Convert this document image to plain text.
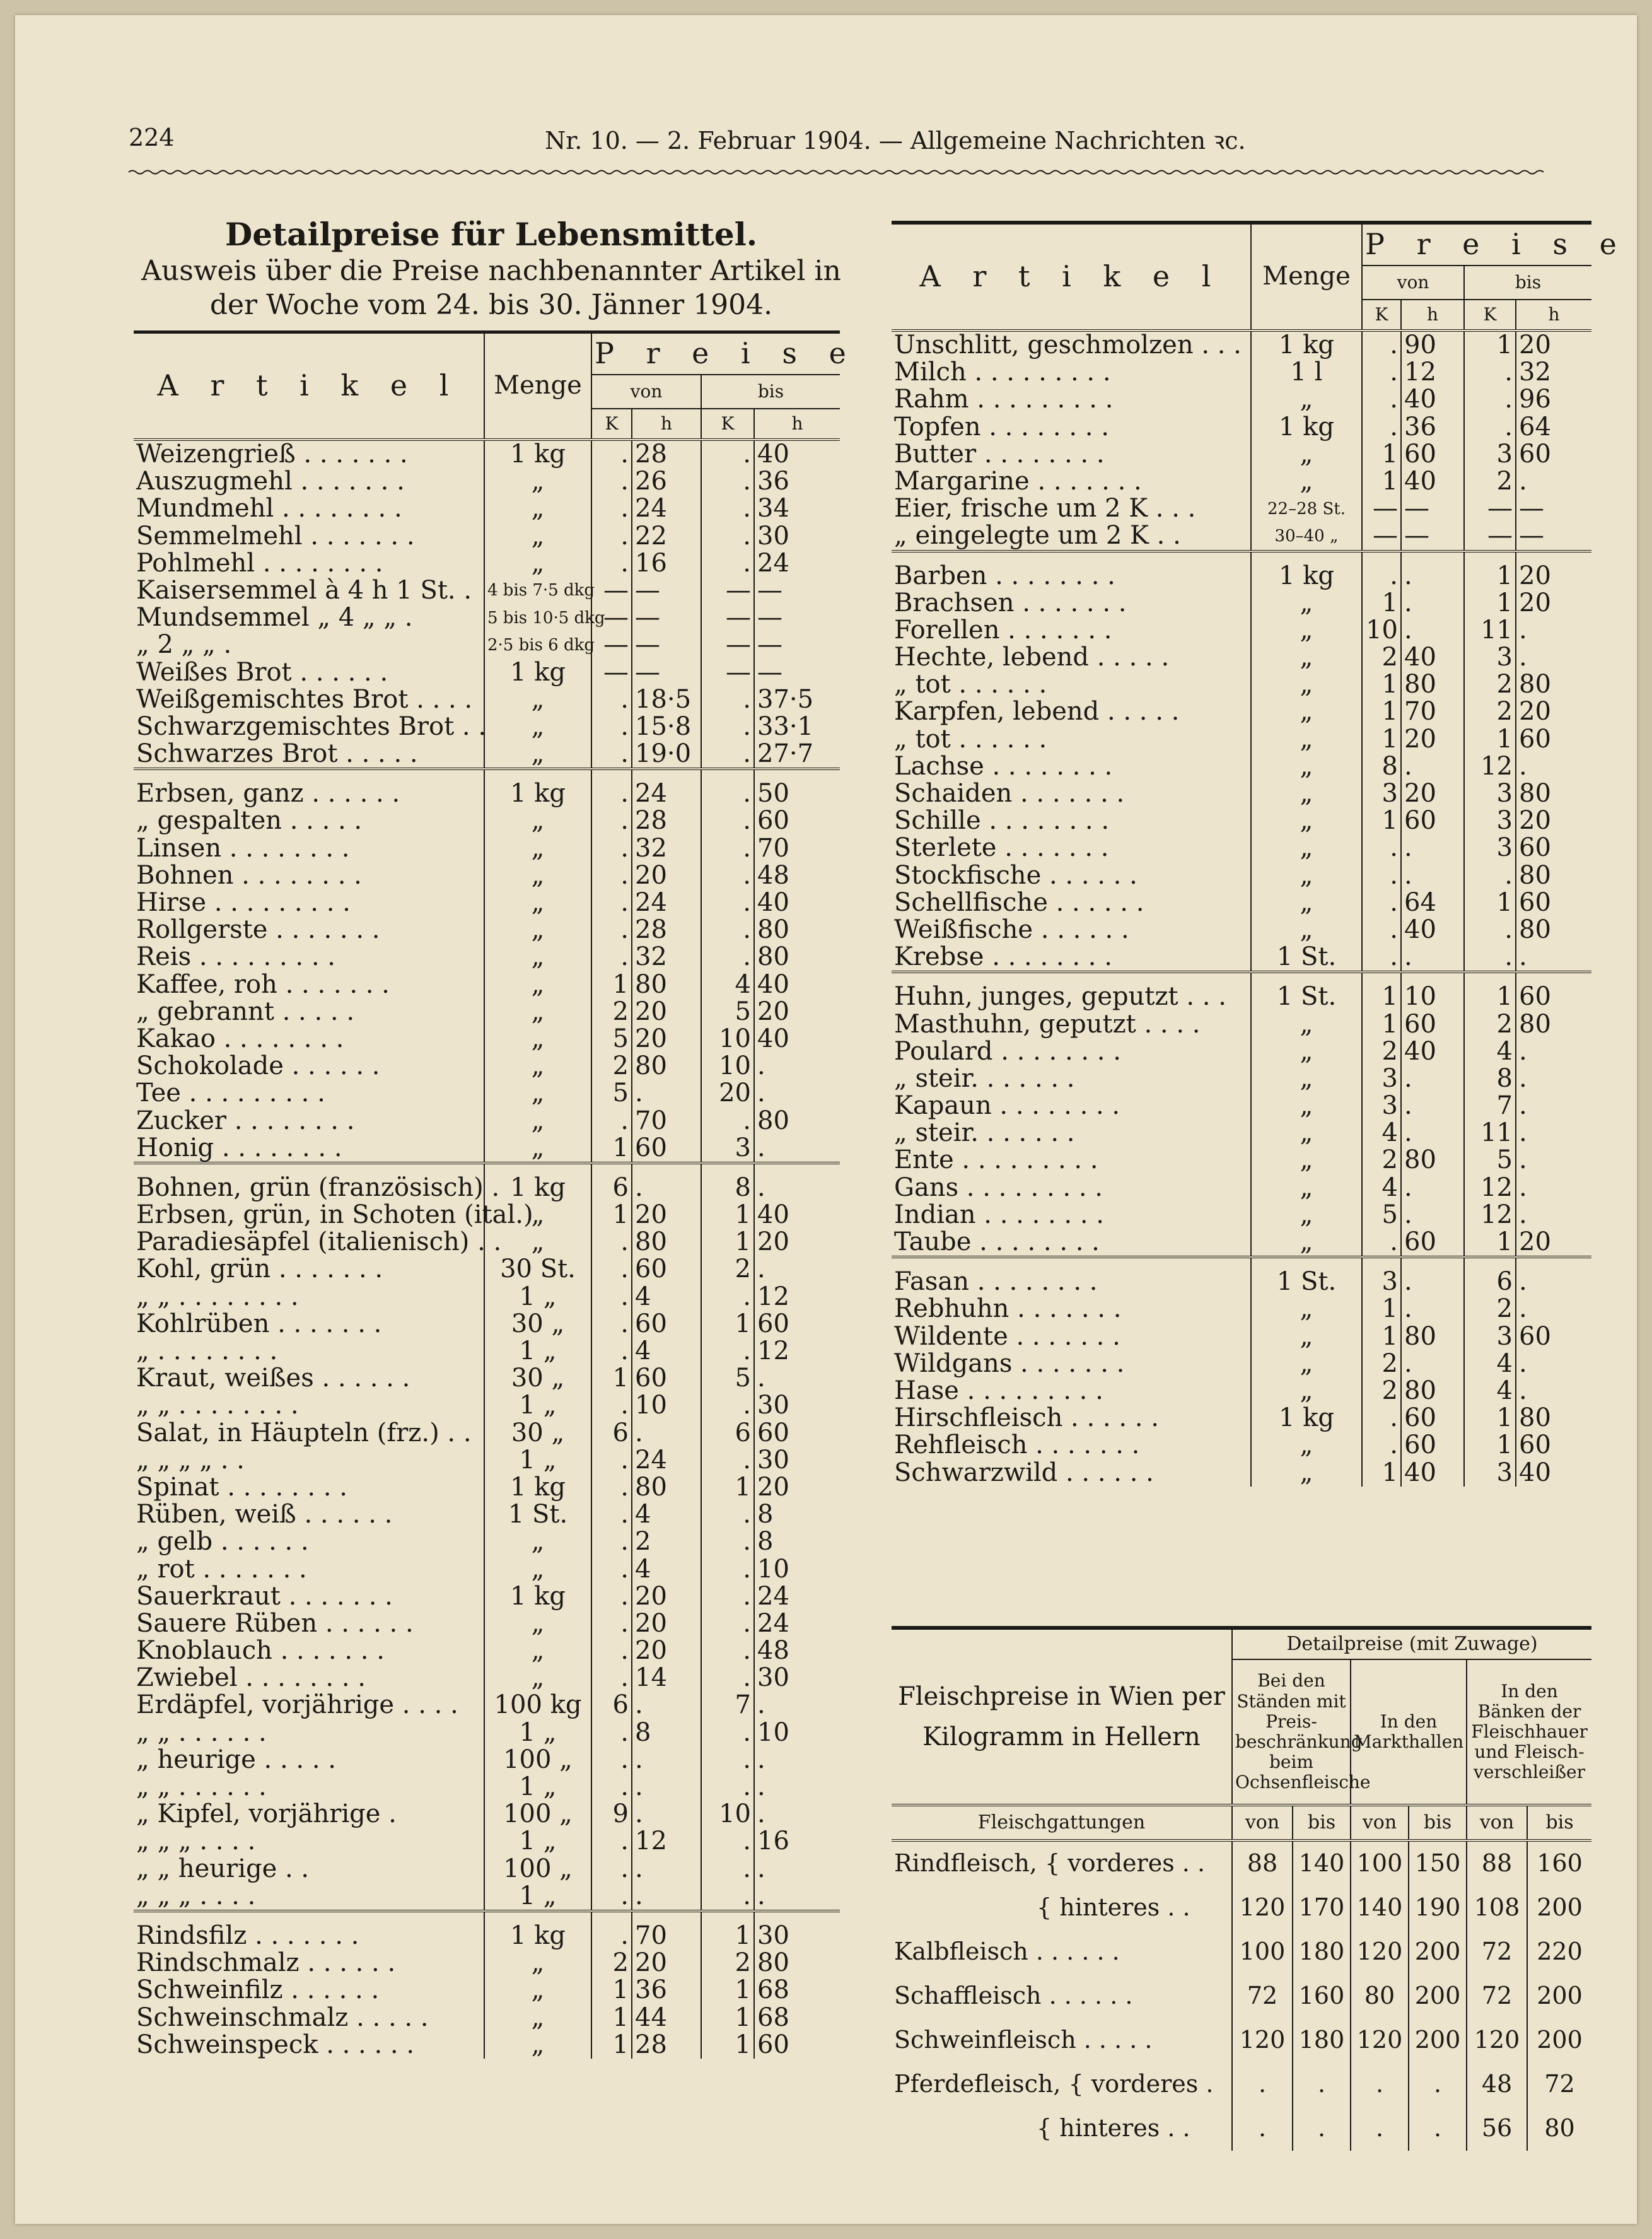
224	Nr. 10. — 2. Februar 1904. — Allgemeine Nachrichten ꝛc.
Detailpreise für Lebensmittel.
Ausweis über die Preise nachbenannter Artikel in
der Woche vom 24. bis 30. Jänner 1904.
A r t i k e l	Menge	P r e i s e			
		von		bis	
		K	h	K	h
Weizengrieß . . . . . . .	1 kg	.	28	.	40
Auszugmehl . . . . . . .	„	.	26	.	36
Mundmehl . . . . . . . .	„	.	24	.	34
Semmelmehl . . . . . . .	„	.	22	.	30
Pohlmehl . . . . . . . .	„	.	16	.	24
Kaisersemmel à 4 h 1 St. .	4 bis 7·5 dkg	—	—	—	—
Mundsemmel „ 4 „ „ .	5 bis 10·5 dkg	—	—	—	—
„ 2 „ „ .	2·5 bis 6 dkg	—	—	—	—
Weißes Brot . . . . . .	1 kg	—	—	—	—
Weißgemischtes Brot . . . .	„	.	18·5	.	37·5
Schwarzgemischtes Brot . .	„	.	15·8	.	33·1
Schwarzes Brot . . . . .	„	.	19·0	.	27·7
Erbsen, ganz . . . . . .	1 kg	.	24	.	50
„ gespalten . . . . .	„	.	28	.	60
Linsen . . . . . . . .	„	.	32	.	70
Bohnen . . . . . . . .	„	.	20	.	48
Hirse . . . . . . . . .	„	.	24	.	40
Rollgerste . . . . . . .	„	.	28	.	80
Reis . . . . . . . . .	„	.	32	.	80
Kaffee, roh . . . . . . .	„	1	80	4	40
„ gebrannt . . . . .	„	2	20	5	20
Kakao . . . . . . . .	„	5	20	10	40
Schokolade . . . . . .	„	2	80	10	.
Tee . . . . . . . . .	„	5	.	20	.
Zucker . . . . . . . .	„	.	70	.	80
Honig . . . . . . . .	„	1	60	3	.
Bohnen, grün (französisch) .	1 kg	6	.	8	.
Erbsen, grün, in Schoten (ital.)	„	1	20	1	40
Paradiesäpfel (italienisch) . .	„	.	80	1	20
Kohl, grün . . . . . . .	30 St.	.	60	2	.
„ „ . . . . . . . .	1 „	.	4	.	12
Kohlrüben . . . . . . .	30 „	.	60	1	60
„ . . . . . . . .	1 „	.	4	.	12
Kraut, weißes . . . . . .	30 „	1	60	5	.
„ „ . . . . . . . .	1 „	.	10	.	30
Salat, in Häupteln (frz.) . .	30 „	6	.	6	60
„ „ „ „ . .	1 „	.	24	.	30
Spinat . . . . . . . .	1 kg	.	80	1	20
Rüben, weiß . . . . . .	1 St.	.	4	.	8
„ gelb . . . . . .	„	.	2	.	8
„ rot . . . . . . .	„	.	4	.	10
Sauerkraut . . . . . . .	1 kg	.	20	.	24
Sauere Rüben . . . . . .	„	.	20	.	24
Knoblauch . . . . . . .	„	.	20	.	48
Zwiebel . . . . . . . .	„	.	14	.	30
Erdäpfel, vorjährige . . . .	100 kg	6	.	7	.
„ „ . . . . . .	1 „	.	8	.	10
„ heurige . . . . .	100 „	.	.	.	.
„ „ . . . . . .	1 „	.	.	.	.
„ Kipfel, vorjährige .	100 „	9	.	10	.
„ „ „ . . . .	1 „	.	12	.	16
„ „ heurige . .	100 „	.	.	.	.
„ „ „ . . . .	1 „	.	.	.	.
Rindsfilz . . . . . . .	1 kg	.	70	1	30
Rindschmalz . . . . . .	„	2	20	2	80
Schweinfilz . . . . . .	„	1	36	1	68
Schweinschmalz . . . . .	„	1	44	1	68
Schweinspeck . . . . . .	„	1	28	1	60
A r t i k e l	Menge	P r e i s e			
		von		bis	
		K	h	K	h
Unschlitt, geschmolzen . . .	1 kg	.	90	1	20
Milch . . . . . . . . .	1 l	.	12	.	32
Rahm . . . . . . . . .	„	.	40	.	96
Topfen . . . . . . . .	1 kg	.	36	.	64
Butter . . . . . . . .	„	1	60	3	60
Margarine . . . . . . .	„	1	40	2	.
Eier, frische um 2 K . . .	22–28 St.	—	—	—	—
„ eingelegte um 2 K . .	30–40 „	—	—	—	—
Barben . . . . . . . .	1 kg	.	.	1	20
Brachsen . . . . . . .	„	1	.	1	20
Forellen . . . . . . .	„	10	.	11	.
Hechte, lebend . . . . .	„	2	40	3	.
„ tot . . . . . .	„	1	80	2	80
Karpfen, lebend . . . . .	„	1	70	2	20
„ tot . . . . . .	„	1	20	1	60
Lachse . . . . . . . .	„	8	.	12	.
Schaiden . . . . . . .	„	3	20	3	80
Schille . . . . . . . .	„	1	60	3	20
Sterlete . . . . . . .	„	.	.	3	60
Stockfische . . . . . .	„	.	.	.	80
Schellfische . . . . . .	„	.	64	1	60
Weißfische . . . . . .	„	.	40	.	80
Krebse . . . . . . . .	1 St.	.	.	.	.
Huhn, junges, geputzt . . .	1 St.	1	10	1	60
Masthuhn, geputzt . . . .	„	1	60	2	80
Poulard . . . . . . . .	„	2	40	4	.
„ steir. . . . . . .	„	3	.	8	.
Kapaun . . . . . . . .	„	3	.	7	.
„ steir. . . . . . .	„	4	.	11	.
Ente . . . . . . . . .	„	2	80	5	.
Gans . . . . . . . . .	„	4	.	12	.
Indian . . . . . . . .	„	5	.	12	.
Taube . . . . . . . .	„	.	60	1	20
Fasan . . . . . . . .	1 St.	3	.	6	.
Rebhuhn . . . . . . .	„	1	.	2	.
Wildente . . . . . . .	„	1	80	3	60
Wildgans . . . . . . .	„	2	.	4	.
Hase . . . . . . . . .	„	2	80	4	.
Hirschfleisch . . . . . .	1 kg	.	60	1	80
Rehfleisch . . . . . . .	„	.	60	1	60
Schwarzwild . . . . . .	„	1	40	3	40
Fleischpreise in Wien per
Kilogramm in Hellern	Detailpreise (mit Zuwage)					
	Bei den Ständen mit Preis-beschränkung beim Ochsenfleische		In den Markthallen		In den Bänken der Fleischhauer und Fleisch-verschleißer	
Fleischgattungen	von	bis	von	bis	von	bis
Rindfleisch, { vorderes . .	88	140	100	150	88	160
{ hinteres . .	120	170	140	190	108	200
Kalbfleisch . . . . . .	100	180	120	200	72	220
Schaffleisch . . . . . .	72	160	80	200	72	200
Schweinfleisch . . . . .	120	180	120	200	120	200
Pferdefleisch, { vorderes .	.	.	.	.	48	72
{ hinteres . .	.	.	.	.	56	80
